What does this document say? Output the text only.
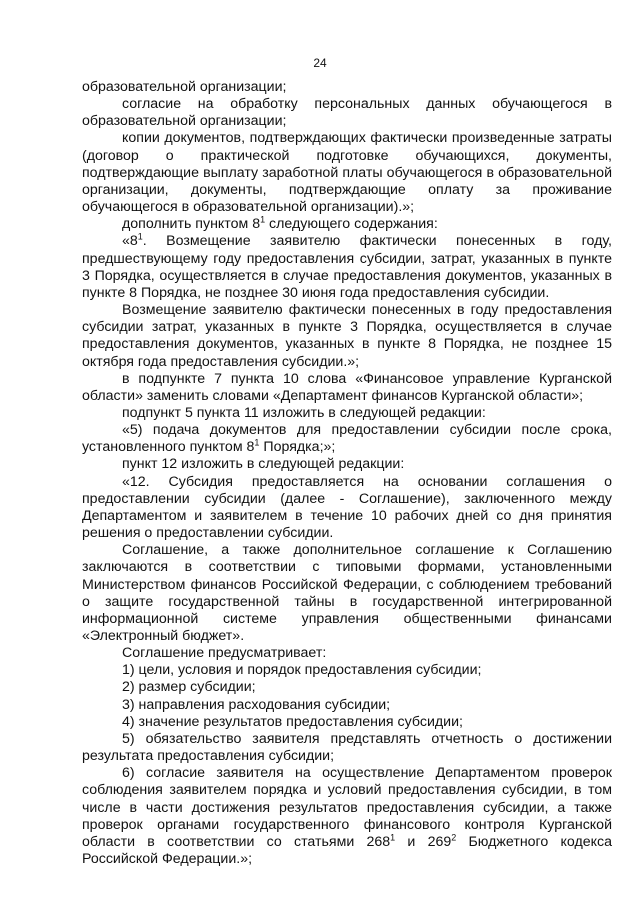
24

образовательной организации;

согласие на обработку персональных данных обучающегося в образовательной организации;

копии документов, подтверждающих фактически произведенные затраты (договор о практической подготовке обучающихся, документы, подтверждающие выплату заработной платы обучающегося в образовательной организации, документы, подтверждающие оплату за проживание обучающегося в образовательной организации).»;

дополнить пунктом $8^1$ следующего содержания:

«$8^1$. Возмещение заявителю фактически понесенных в году, предшествующему году предоставления субсидии, затрат, указанных в пункте 3 Порядка, осуществляется в случае предоставления документов, указанных в пункте 8 Порядка, не позднее 30 июня года предоставления субсидии.

Возмещение заявителю фактически понесенных в году предоставления субсидии затрат, указанных в пункте 3 Порядка, осуществляется в случае предоставления документов, указанных в пункте 8 Порядка, не позднее 15 октября года предоставления субсидии.»;

в подпункте 7 пункта 10 слова «Финансовое управление Курганской области» заменить словами «Департамент финансов Курганской области»;

подпункт 5 пункта 11 изложить в следующей редакции:

«5) подача документов для предоставлении субсидии после срока, установленного пунктом $8^1$ Порядка;»;

пункт 12 изложить в следующей редакции:

«12. Субсидия предоставляется на основании соглашения о предоставлении субсидии (далее - Соглашение), заключенного между Департаментом и заявителем в течение 10 рабочих дней со дня принятия решения о предоставлении субсидии.

Соглашение, а также дополнительное соглашение к Соглашению заключаются в соответствии с типовыми формами, установленными Министерством финансов Российской Федерации, с соблюдением требований о защите государственной тайны в государственной интегрированной информационной системе управления общественными финансами «Электронный бюджет».

Соглашение предусматривает:

1) цели, условия и порядок предоставления субсидии;

2) размер субсидии;

3) направления расходования субсидии;

4) значение результатов предоставления субсидии;

5) обязательство заявителя представлять отчетность о достижении результата предоставления субсидии;

6) согласие заявителя на осуществление Департаментом проверок соблюдения заявителем порядка и условий предоставления субсидии, в том числе в части достижения результатов предоставления субсидии, а также проверок органами государственного финансового контроля Курганской области в соответствии со статьями $268^1$ и $269^2$ Бюджетного кодекса Российской Федерации.»;
